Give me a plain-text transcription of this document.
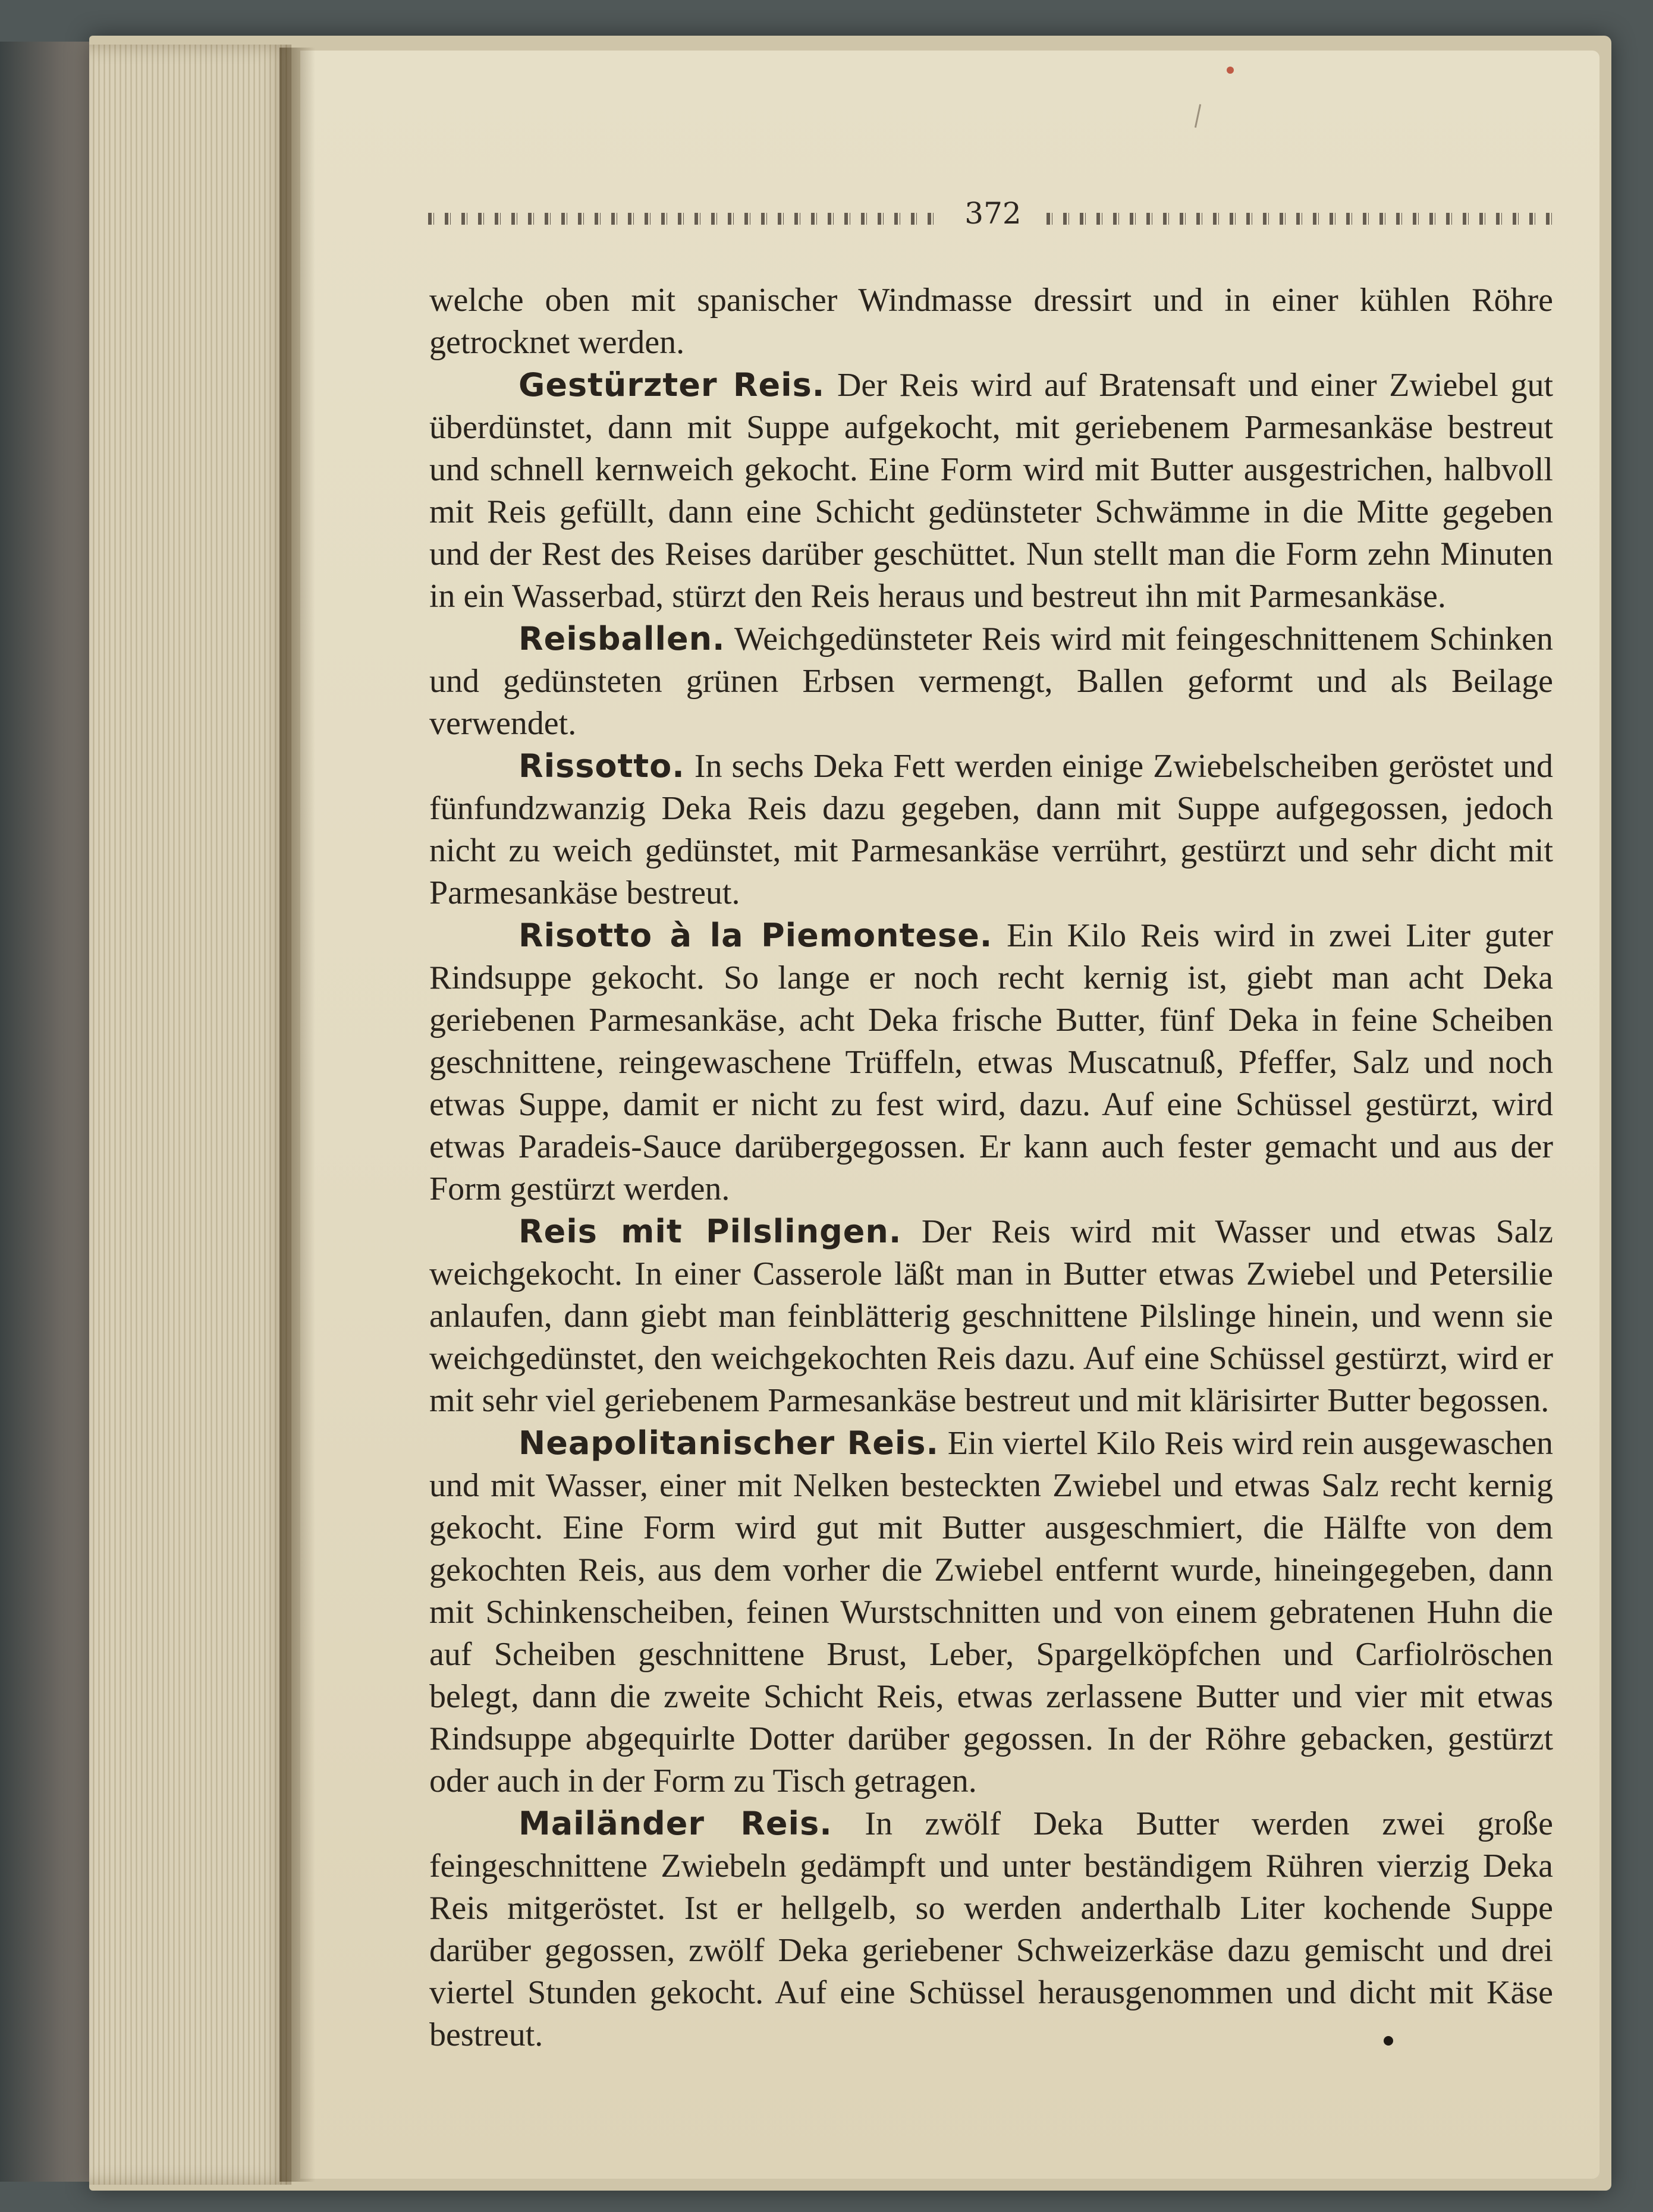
372

welche oben mit spanischer Windmasse dressirt und in einer kühlen Röhre getrocknet werden.

Gestürzter Reis. Der Reis wird auf Bratensaft und einer Zwiebel gut überdünstet, dann mit Suppe aufgekocht, mit geriebenem Parmesankäse bestreut und schnell kernweich gekocht. Eine Form wird mit Butter ausgestrichen, halbvoll mit Reis gefüllt, dann eine Schicht gedünsteter Schwämme in die Mitte gegeben und der Rest des Reises darüber geschüttet. Nun stellt man die Form zehn Minuten in ein Wasserbad, stürzt den Reis heraus und bestreut ihn mit Parmesankäse.

Reisballen. Weichgedünsteter Reis wird mit feingeschnittenem Schinken und gedünsteten grünen Erbsen vermengt, Ballen geformt und als Beilage verwendet.

Rissotto. In sechs Deka Fett werden einige Zwiebelscheiben geröstet und fünfundzwanzig Deka Reis dazu gegeben, dann mit Suppe aufgegossen, jedoch nicht zu weich gedünstet, mit Parmesankäse verrührt, gestürzt und sehr dicht mit Parmesankäse bestreut.

Risotto à la Piemontese. Ein Kilo Reis wird in zwei Liter guter Rindsuppe gekocht. So lange er noch recht kernig ist, giebt man acht Deka geriebenen Parmesankäse, acht Deka frische Butter, fünf Deka in feine Scheiben geschnittene, reingewaschene Trüffeln, etwas Muscatnuß, Pfeffer, Salz und noch etwas Suppe, damit er nicht zu fest wird, dazu. Auf eine Schüssel gestürzt, wird etwas Paradeis-Sauce darübergegossen. Er kann auch fester gemacht und aus der Form gestürzt werden.

Reis mit Pilslingen. Der Reis wird mit Wasser und etwas Salz weichgekocht. In einer Casserole läßt man in Butter etwas Zwiebel und Petersilie anlaufen, dann giebt man feinblätterig geschnittene Pilslinge hinein, und wenn sie weichgedünstet, den weichgekochten Reis dazu. Auf eine Schüssel gestürzt, wird er mit sehr viel geriebenem Parmesankäse bestreut und mit klärisirter Butter begossen.

Neapolitanischer Reis. Ein viertel Kilo Reis wird rein ausgewaschen und mit Wasser, einer mit Nelken besteckten Zwiebel und etwas Salz recht kernig gekocht. Eine Form wird gut mit Butter ausgeschmiert, die Hälfte von dem gekochten Reis, aus dem vorher die Zwiebel entfernt wurde, hineingegeben, dann mit Schinkenscheiben, feinen Wurstschnitten und von einem gebratenen Huhn die auf Scheiben geschnittene Brust, Leber, Spargelköpfchen und Carfiolröschen belegt, dann die zweite Schicht Reis, etwas zerlassene Butter und vier mit etwas Rindsuppe abgequirlte Dotter darüber gegossen. In der Röhre gebacken, gestürzt oder auch in der Form zu Tisch getragen.

Mailänder Reis. In zwölf Deka Butter werden zwei große feingeschnittene Zwiebeln gedämpft und unter beständigem Rühren vierzig Deka Reis mitgeröstet. Ist er hellgelb, so werden anderthalb Liter kochende Suppe darüber gegossen, zwölf Deka geriebener Schweizerkäse dazu gemischt und drei viertel Stunden gekocht. Auf eine Schüssel herausgenommen und dicht mit Käse bestreut.
